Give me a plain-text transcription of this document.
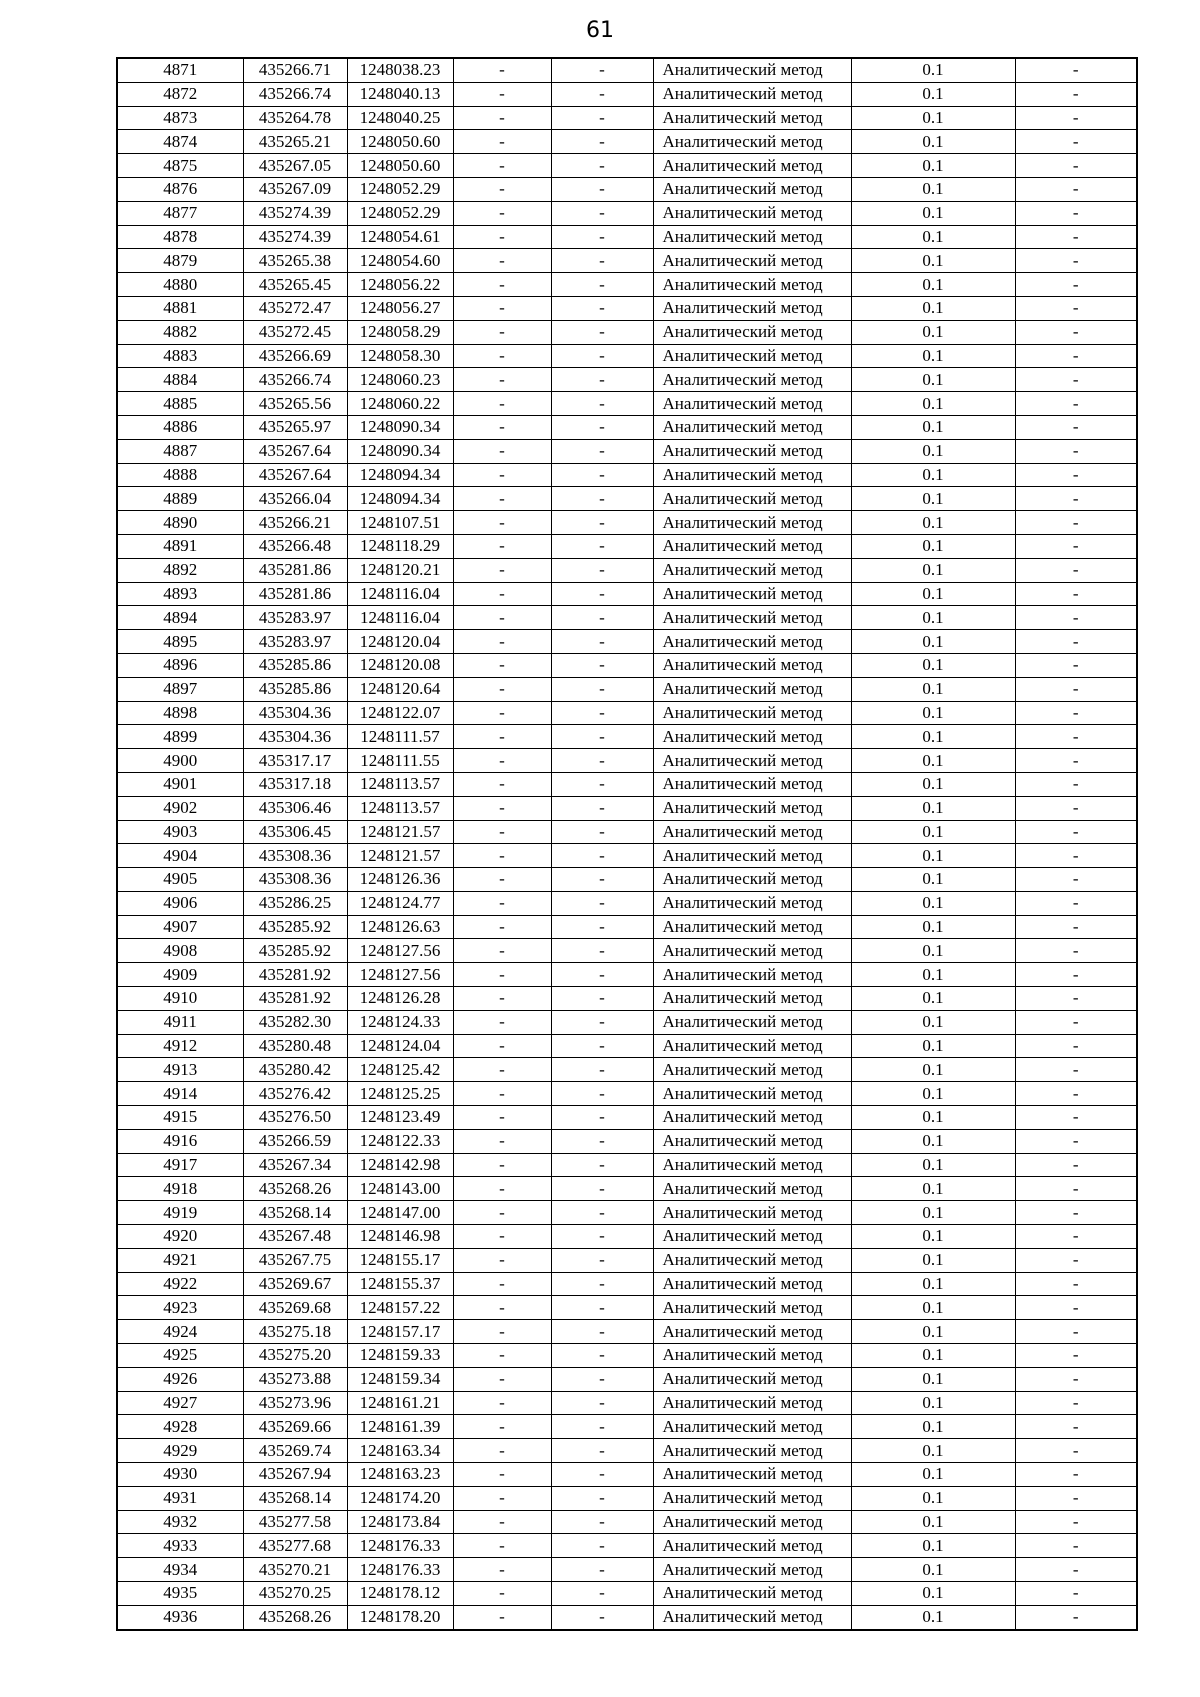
61
4871	435266.71	1248038.23	-	-	Аналитический метод	0.1	-
4872	435266.74	1248040.13	-	-	Аналитический метод	0.1	-
4873	435264.78	1248040.25	-	-	Аналитический метод	0.1	-
4874	435265.21	1248050.60	-	-	Аналитический метод	0.1	-
4875	435267.05	1248050.60	-	-	Аналитический метод	0.1	-
4876	435267.09	1248052.29	-	-	Аналитический метод	0.1	-
4877	435274.39	1248052.29	-	-	Аналитический метод	0.1	-
4878	435274.39	1248054.61	-	-	Аналитический метод	0.1	-
4879	435265.38	1248054.60	-	-	Аналитический метод	0.1	-
4880	435265.45	1248056.22	-	-	Аналитический метод	0.1	-
4881	435272.47	1248056.27	-	-	Аналитический метод	0.1	-
4882	435272.45	1248058.29	-	-	Аналитический метод	0.1	-
4883	435266.69	1248058.30	-	-	Аналитический метод	0.1	-
4884	435266.74	1248060.23	-	-	Аналитический метод	0.1	-
4885	435265.56	1248060.22	-	-	Аналитический метод	0.1	-
4886	435265.97	1248090.34	-	-	Аналитический метод	0.1	-
4887	435267.64	1248090.34	-	-	Аналитический метод	0.1	-
4888	435267.64	1248094.34	-	-	Аналитический метод	0.1	-
4889	435266.04	1248094.34	-	-	Аналитический метод	0.1	-
4890	435266.21	1248107.51	-	-	Аналитический метод	0.1	-
4891	435266.48	1248118.29	-	-	Аналитический метод	0.1	-
4892	435281.86	1248120.21	-	-	Аналитический метод	0.1	-
4893	435281.86	1248116.04	-	-	Аналитический метод	0.1	-
4894	435283.97	1248116.04	-	-	Аналитический метод	0.1	-
4895	435283.97	1248120.04	-	-	Аналитический метод	0.1	-
4896	435285.86	1248120.08	-	-	Аналитический метод	0.1	-
4897	435285.86	1248120.64	-	-	Аналитический метод	0.1	-
4898	435304.36	1248122.07	-	-	Аналитический метод	0.1	-
4899	435304.36	1248111.57	-	-	Аналитический метод	0.1	-
4900	435317.17	1248111.55	-	-	Аналитический метод	0.1	-
4901	435317.18	1248113.57	-	-	Аналитический метод	0.1	-
4902	435306.46	1248113.57	-	-	Аналитический метод	0.1	-
4903	435306.45	1248121.57	-	-	Аналитический метод	0.1	-
4904	435308.36	1248121.57	-	-	Аналитический метод	0.1	-
4905	435308.36	1248126.36	-	-	Аналитический метод	0.1	-
4906	435286.25	1248124.77	-	-	Аналитический метод	0.1	-
4907	435285.92	1248126.63	-	-	Аналитический метод	0.1	-
4908	435285.92	1248127.56	-	-	Аналитический метод	0.1	-
4909	435281.92	1248127.56	-	-	Аналитический метод	0.1	-
4910	435281.92	1248126.28	-	-	Аналитический метод	0.1	-
4911	435282.30	1248124.33	-	-	Аналитический метод	0.1	-
4912	435280.48	1248124.04	-	-	Аналитический метод	0.1	-
4913	435280.42	1248125.42	-	-	Аналитический метод	0.1	-
4914	435276.42	1248125.25	-	-	Аналитический метод	0.1	-
4915	435276.50	1248123.49	-	-	Аналитический метод	0.1	-
4916	435266.59	1248122.33	-	-	Аналитический метод	0.1	-
4917	435267.34	1248142.98	-	-	Аналитический метод	0.1	-
4918	435268.26	1248143.00	-	-	Аналитический метод	0.1	-
4919	435268.14	1248147.00	-	-	Аналитический метод	0.1	-
4920	435267.48	1248146.98	-	-	Аналитический метод	0.1	-
4921	435267.75	1248155.17	-	-	Аналитический метод	0.1	-
4922	435269.67	1248155.37	-	-	Аналитический метод	0.1	-
4923	435269.68	1248157.22	-	-	Аналитический метод	0.1	-
4924	435275.18	1248157.17	-	-	Аналитический метод	0.1	-
4925	435275.20	1248159.33	-	-	Аналитический метод	0.1	-
4926	435273.88	1248159.34	-	-	Аналитический метод	0.1	-
4927	435273.96	1248161.21	-	-	Аналитический метод	0.1	-
4928	435269.66	1248161.39	-	-	Аналитический метод	0.1	-
4929	435269.74	1248163.34	-	-	Аналитический метод	0.1	-
4930	435267.94	1248163.23	-	-	Аналитический метод	0.1	-
4931	435268.14	1248174.20	-	-	Аналитический метод	0.1	-
4932	435277.58	1248173.84	-	-	Аналитический метод	0.1	-
4933	435277.68	1248176.33	-	-	Аналитический метод	0.1	-
4934	435270.21	1248176.33	-	-	Аналитический метод	0.1	-
4935	435270.25	1248178.12	-	-	Аналитический метод	0.1	-
4936	435268.26	1248178.20	-	-	Аналитический метод	0.1	-
